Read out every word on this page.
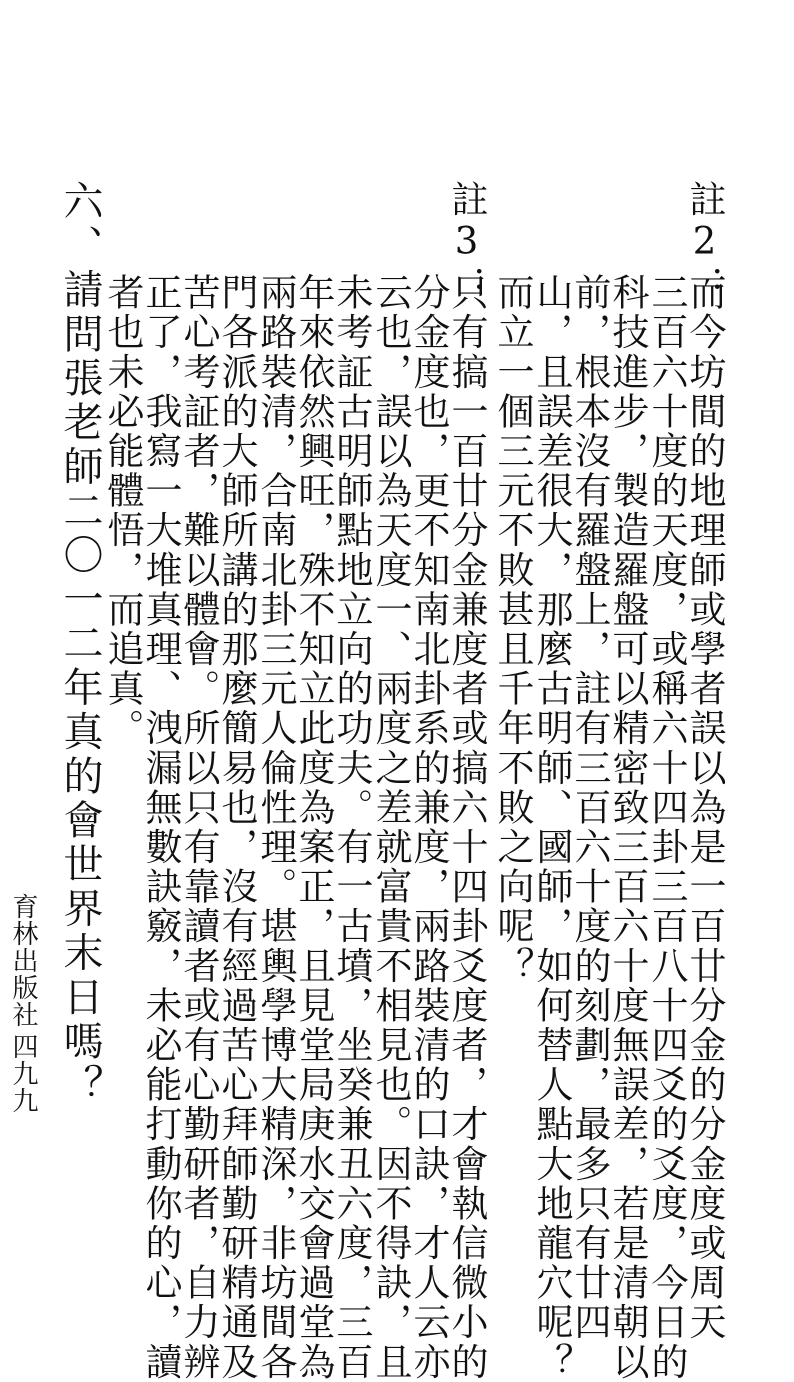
註2：
而今坊間的地理師或學者誤以為是一百廿分金的分金度或周天
三百六十度的天度，或稱六十四卦三百八十四爻的爻度，今日的
科技進步，製造羅盤可以精密致三百六十度無誤差，若是清朝以
前，根本沒有羅盤上，註有三百六十度的刻劃，最多只有廿四
山，且誤差很大，那麼古明師、國師，如何替人點大地龍穴呢？
而立一個三元不敗甚且千年不敗之向呢？
註3：
只有搞一百廿分金兼度者或搞六十四卦爻度者，才會執信微小的
分金度也，更不知南北卦系的兼度，兩路裝清的口訣，才人云亦
云也，誤以為天度一、兩度之差就富貴不相見也。因不得訣，且
未考証古明師點地立向的功夫。有一古墳，坐癸兼丑六度，三百
年來依然興旺，殊不知立此度為案正，且見堂局庚水交會過堂為
兩路裝清，合南北卦三元人倫性理。堪輿學博大精深，非坊間各
門各派的大師所講的那麼簡易也，沒有經過苦心拜師勤研精通及
苦心考証者，難以體會。所以只有靠讀者或有心勤研者，自力辨
正了，我寫一大堆真理、洩漏無數訣竅，未必能打動你的心，讀
者也未必能體悟，而追真。
六、請問張老師二〇一二年真的會世界末日嗎？
育林出版社
四九九
